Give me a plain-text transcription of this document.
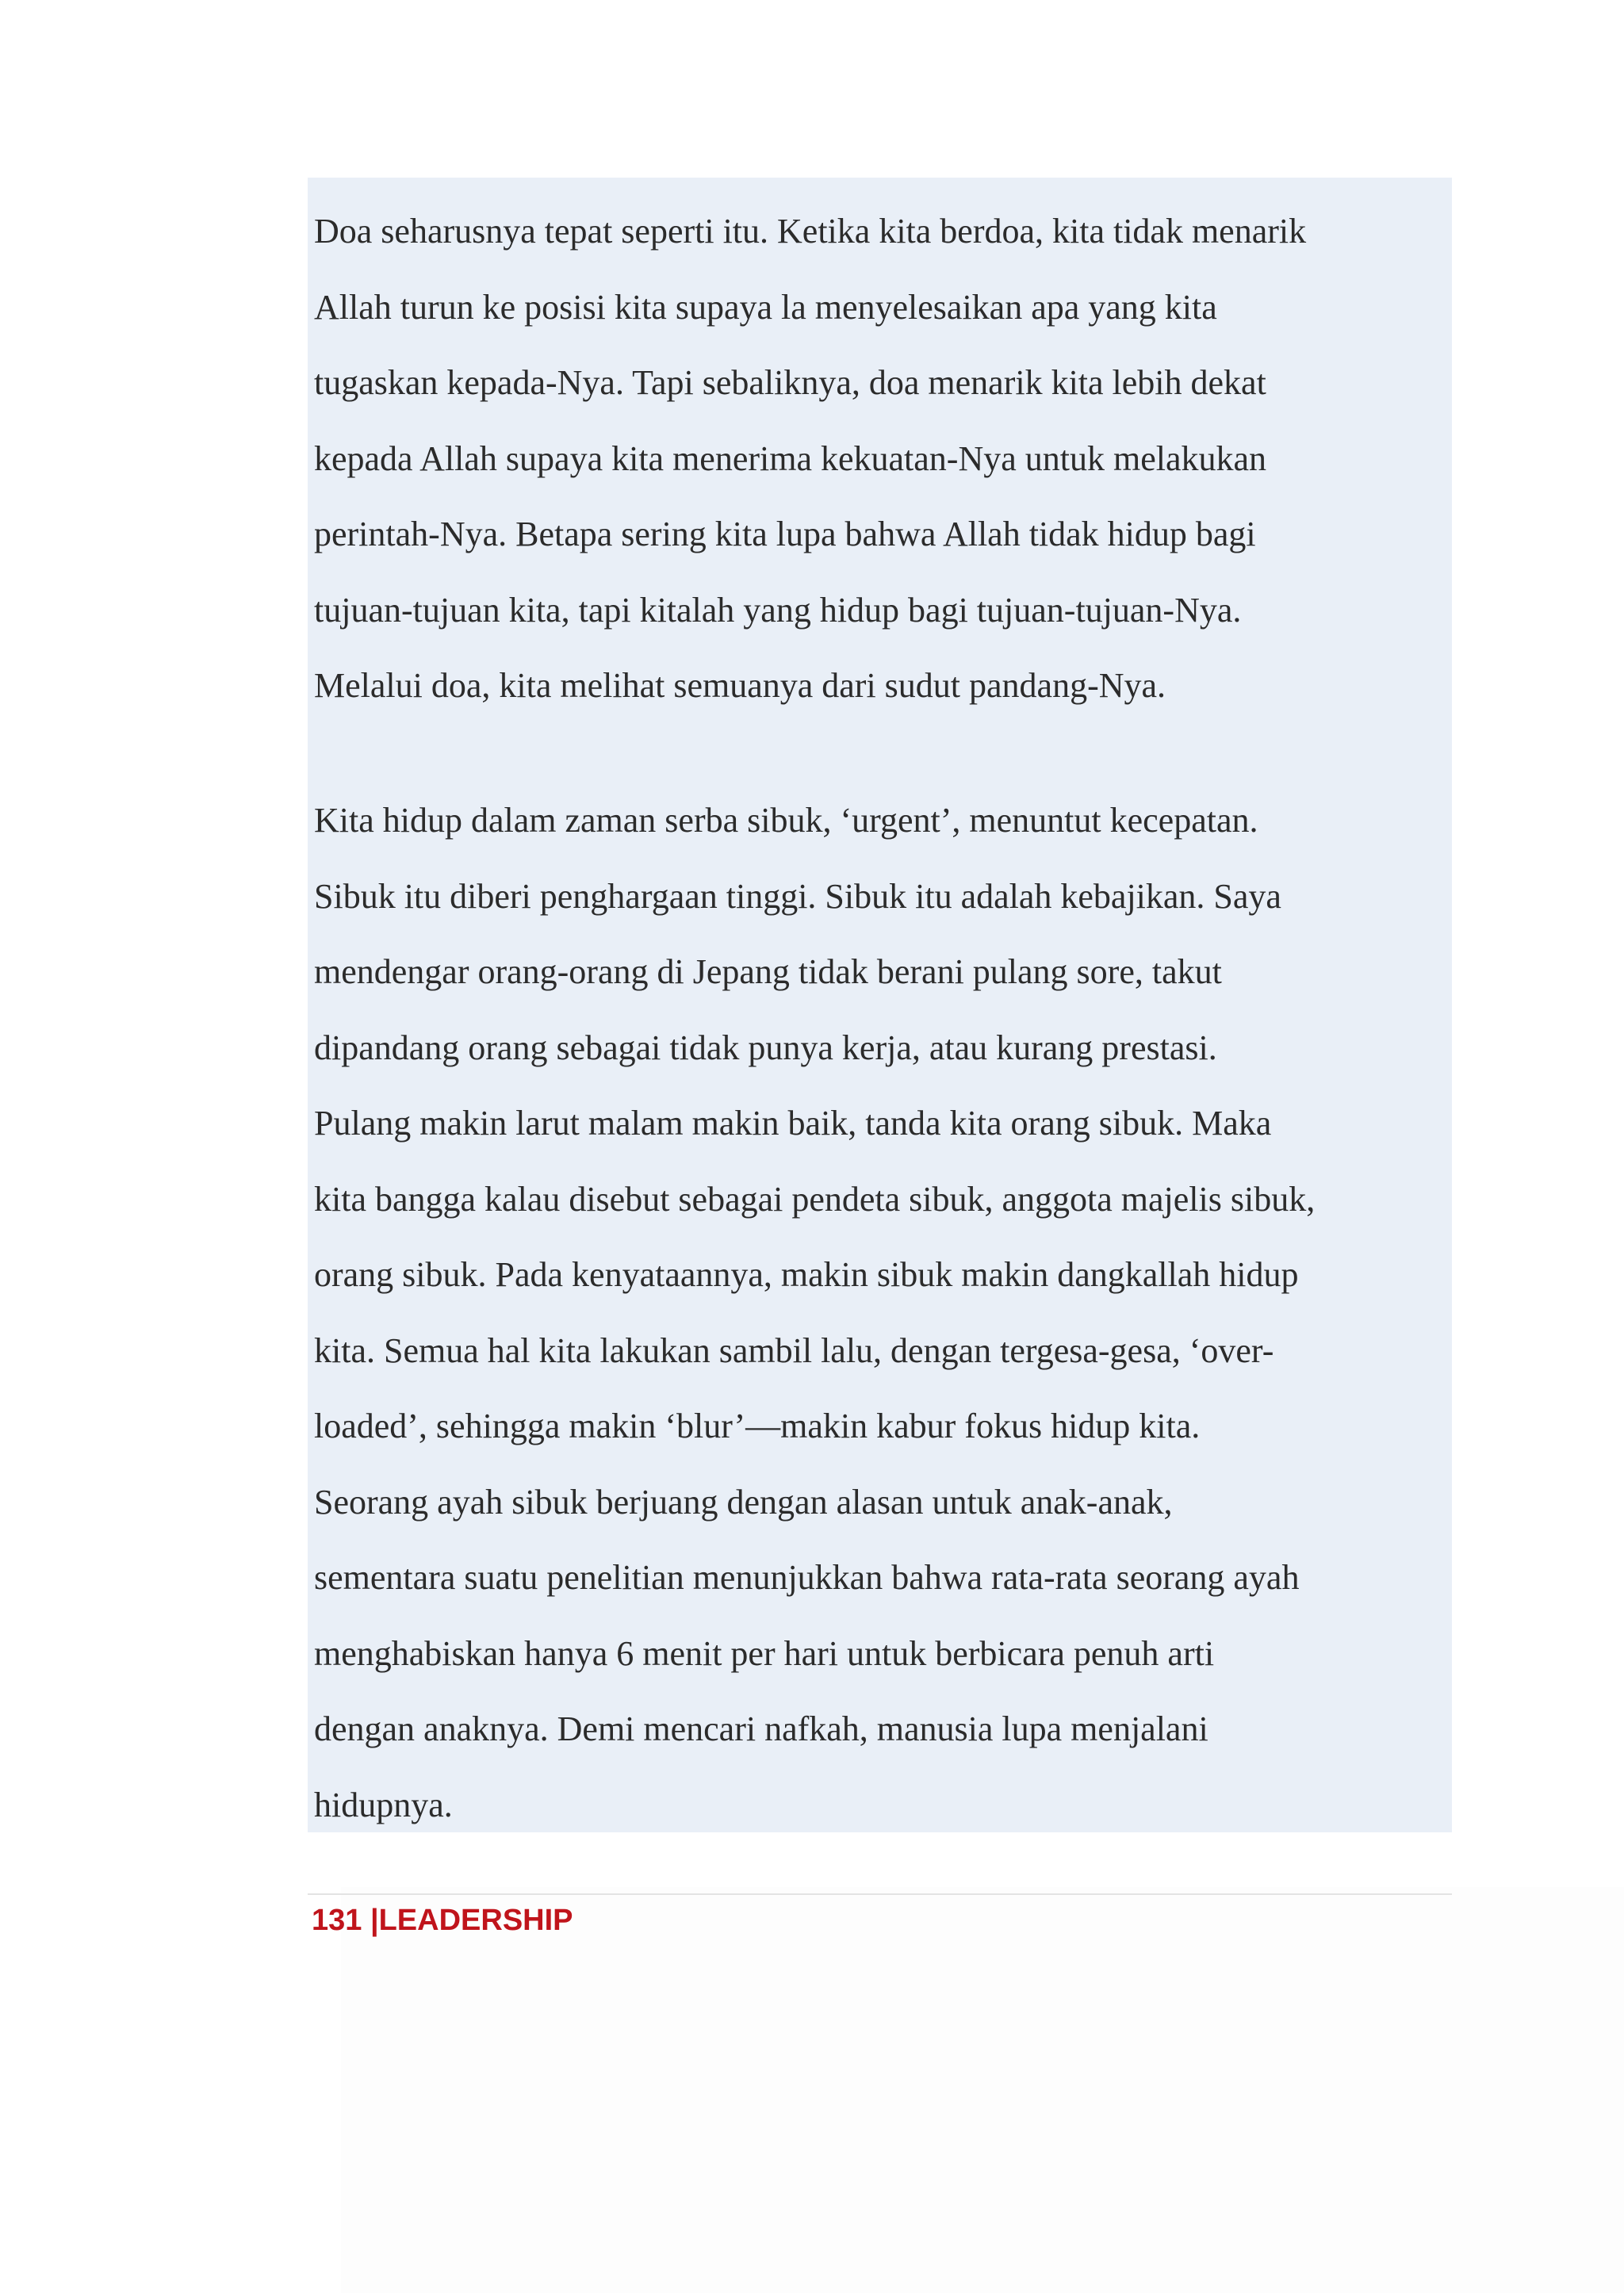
Doa seharusnya tepat seperti itu. Ketika kita berdoa, kita tidak menarik
Allah turun ke posisi kita supaya la menyelesaikan apa yang kita
tugaskan kepada-Nya. Tapi sebaliknya, doa menarik kita lebih dekat
kepada Allah supaya kita menerima kekuatan-Nya untuk melakukan
perintah-Nya. Betapa sering kita lupa bahwa Allah tidak hidup bagi
tujuan-tujuan kita, tapi kitalah yang hidup bagi tujuan-tujuan-Nya.
Melalui doa, kita melihat semuanya dari sudut pandang-Nya.
Kita hidup dalam zaman serba sibuk, ‘urgent’, menuntut kecepatan.
Sibuk itu diberi penghargaan tinggi. Sibuk itu adalah kebajikan. Saya
mendengar orang-orang di Jepang tidak berani pulang sore, takut
dipandang orang sebagai tidak punya kerja, atau kurang prestasi.
Pulang makin larut malam makin baik, tanda kita orang sibuk. Maka
kita bangga kalau disebut sebagai pendeta sibuk, anggota majelis sibuk,
orang sibuk. Pada kenyataannya, makin sibuk makin dangkallah hidup
kita. Semua hal kita lakukan sambil lalu, dengan tergesa-gesa, ‘over-
loaded’, sehingga makin ‘blur’—makin kabur fokus hidup kita.
Seorang ayah sibuk berjuang dengan alasan untuk anak-anak,
sementara suatu penelitian menunjukkan bahwa rata-rata seorang ayah
menghabiskan hanya 6 menit per hari untuk berbicara penuh arti
dengan anaknya. Demi mencari nafkah, manusia lupa menjalani
hidupnya.
131 |LEADERSHIP
